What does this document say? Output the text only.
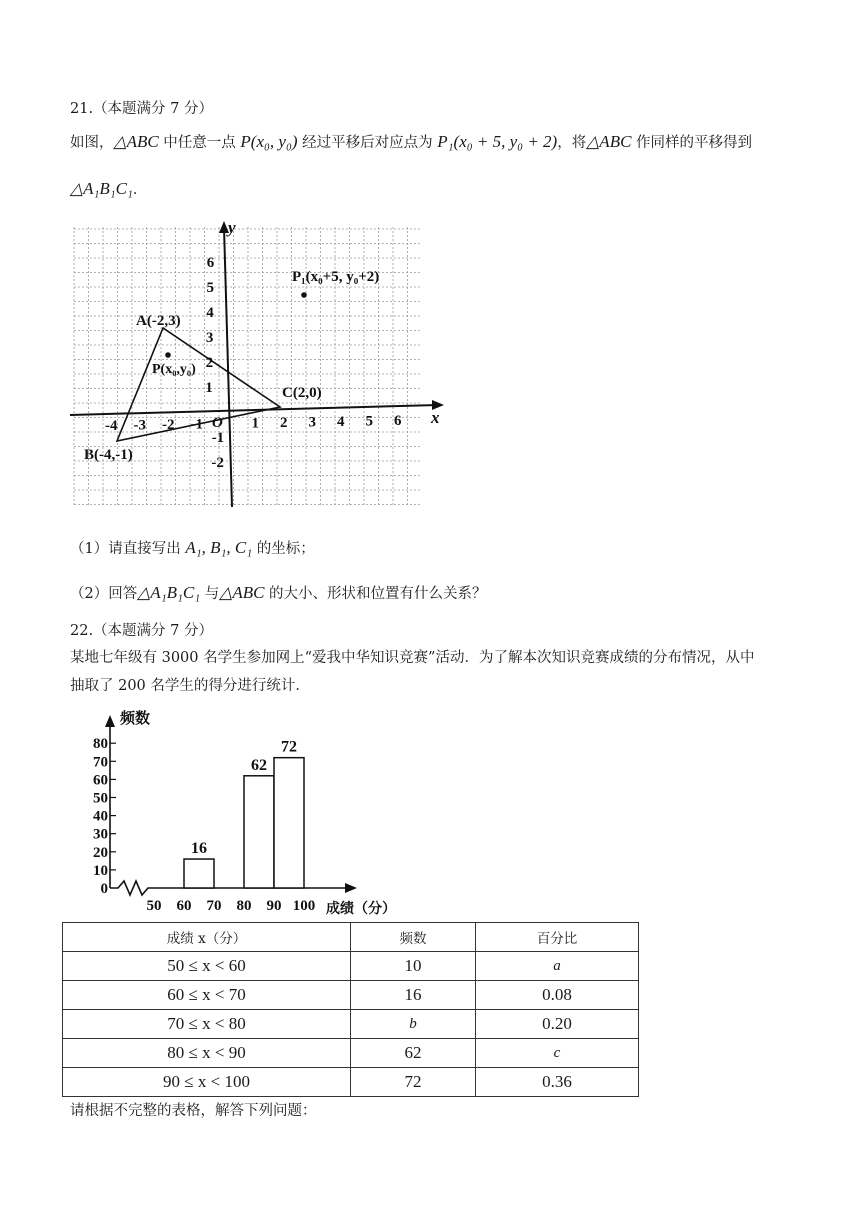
21.（本题满分 7 分）
如图，△ABC 中任意一点 P(x₀, y₀) 经过平移后对应点为 P₁(x₀ + 5, y₀ + 2)，将△ABC 作同样的平移得到
△A₁B₁C₁．
y
x
O
-4 -3 -2 -1	1 2 3 4 5 6
6
5
4
3
2
1
-1
-2
A(-2,3)
B(-4,-1)
C(2,0)
P(x₀,y₀)
P₁(x₀+5, y₀+2)
（1）请直接写出 A₁, B₁, C₁ 的坐标；
（2）回答△A₁B₁C₁ 与△ABC 的大小、形状和位置有什么关系？
22.（本题满分 7 分）
某地七年级有 3000 名学生参加网上“爱我中华知识竞赛”活动．为了解本次知识竞赛成绩的分布情况，从中
抽取了 200 名学生的得分进行统计．
频数
成绩（分）
0
10
20
30
40
50
60
70
80
50 60 70 80 90 100
16
62
72
成绩 x（分）	频数	百分比
50 ≤ x < 60	10	a
60 ≤ x < 70	16	0.08
70 ≤ x < 80	b	0.20
80 ≤ x < 90	62	c
90 ≤ x < 100	72	0.36
请根据不完整的表格，解答下列问题：
